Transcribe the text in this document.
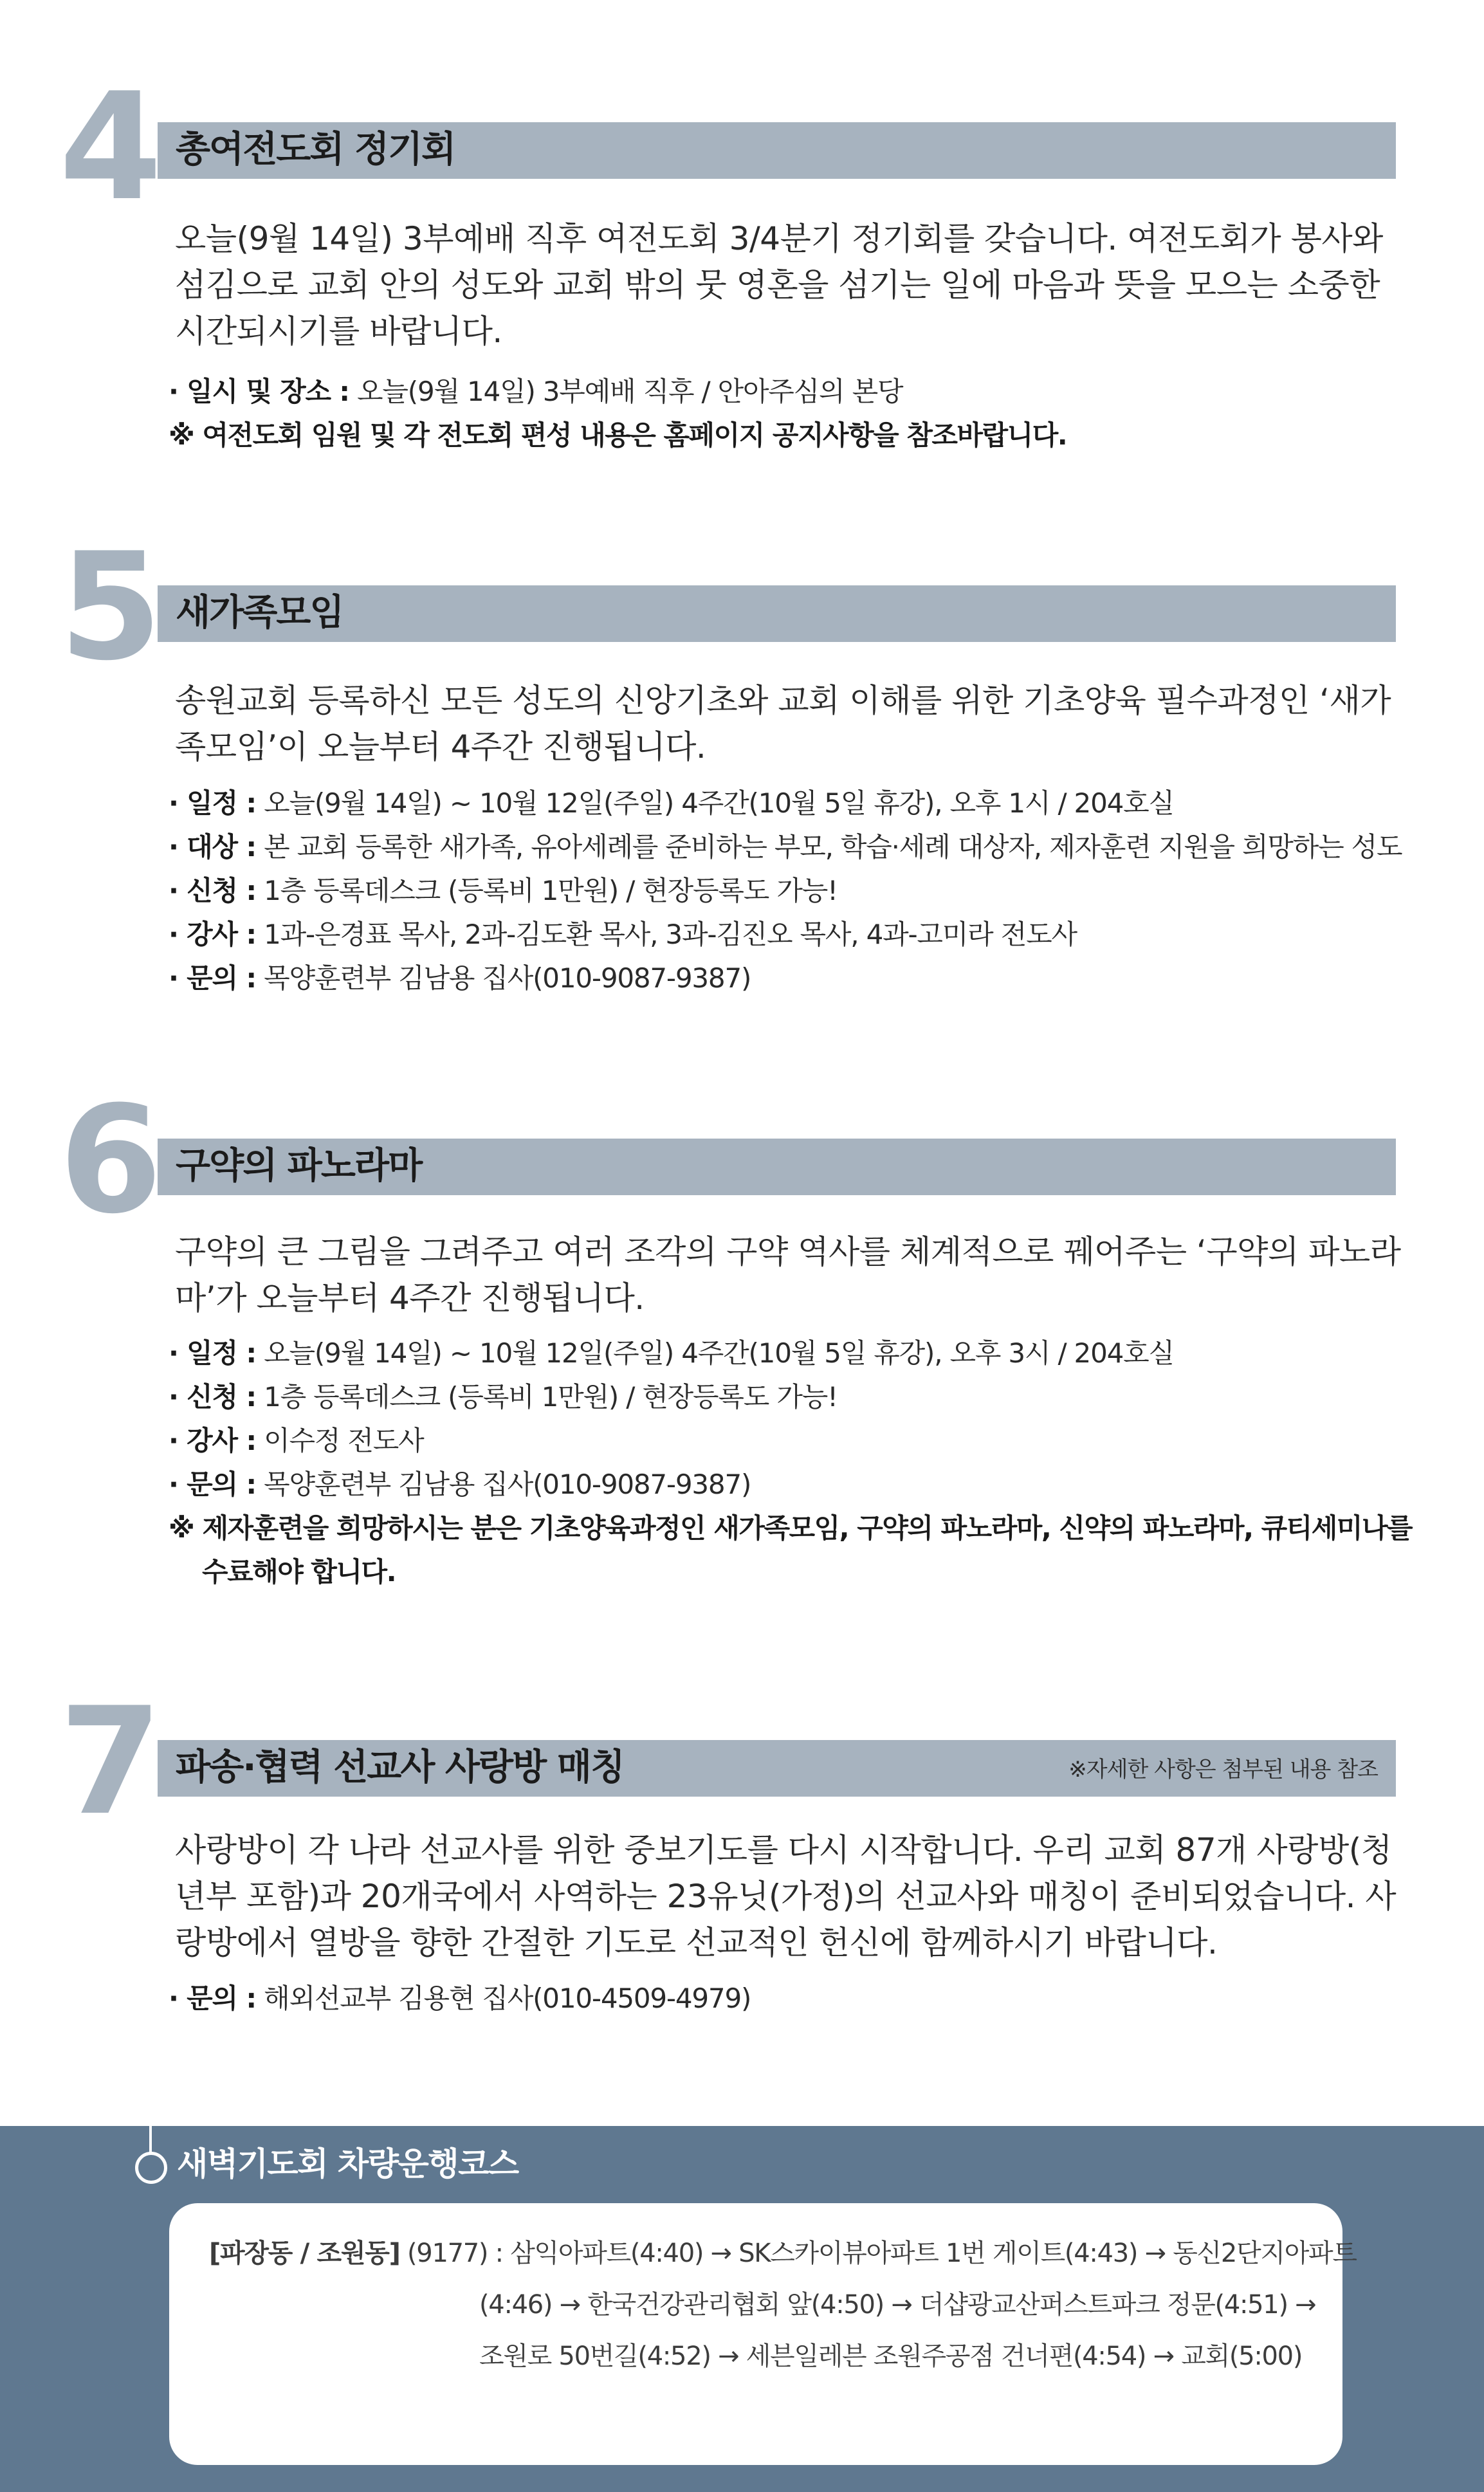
4 총여전도회 정기회
오늘(9월 14일) 3부예배 직후 여전도회 3/4분기 정기회를 갖습니다. 여전도회가 봉사와 섬김으로 교회 안의 성도와 교회 밖의 뭇 영혼을 섬기는 일에 마음과 뜻을 모으는 소중한 시간되시기를 바랍니다.
· 일시 및 장소 : 오늘(9월 14일) 3부예배 직후 / 안아주심의 본당
※ 여전도회 임원 및 각 전도회 편성 내용은 홈페이지 공지사항을 참조바랍니다.
5 새가족모임
송원교회 등록하신 모든 성도의 신앙기초와 교회 이해를 위한 기초양육 필수과정인 ‘새가족모임’이 오늘부터 4주간 진행됩니다.
· 일정 : 오늘(9월 14일) ~ 10월 12일(주일) 4주간(10월 5일 휴강), 오후 1시 / 204호실
· 대상 : 본 교회 등록한 새가족, 유아세례를 준비하는 부모, 학습·세례 대상자, 제자훈련 지원을 희망하는 성도
· 신청 : 1층 등록데스크 (등록비 1만원) / 현장등록도 가능!
· 강사 : 1과-은경표 목사, 2과-김도환 목사, 3과-김진오 목사, 4과-고미라 전도사
· 문의 : 목양훈련부 김남용 집사(010-9087-9387)
6 구약의 파노라마
구약의 큰 그림을 그려주고 여러 조각의 구약 역사를 체계적으로 꿰어주는 ‘구약의 파노라마’가 오늘부터 4주간 진행됩니다.
· 일정 : 오늘(9월 14일) ~ 10월 12일(주일) 4주간(10월 5일 휴강), 오후 3시 / 204호실
· 신청 : 1층 등록데스크 (등록비 1만원) / 현장등록도 가능!
· 강사 : 이수정 전도사
· 문의 : 목양훈련부 김남용 집사(010-9087-9387)
※ 제자훈련을 희망하시는 분은 기초양육과정인 새가족모임, 구약의 파노라마, 신약의 파노라마, 큐티세미나를
수료해야 합니다.
7 파송·협력 선교사 사랑방 매칭	※자세한 사항은 첨부된 내용 참조
사랑방이 각 나라 선교사를 위한 중보기도를 다시 시작합니다. 우리 교회 87개 사랑방(청년부 포함)과 20개국에서 사역하는 23유닛(가정)의 선교사와 매칭이 준비되었습니다. 사랑방에서 열방을 향한 간절한 기도로 선교적인 헌신에 함께하시기 바랍니다.
· 문의 : 해외선교부 김용현 집사(010-4509-4979)
새벽기도회 차량운행코스
[파장동 / 조원동] (9177) : 삼익아파트(4:40) → SK스카이뷰아파트 1번 게이트(4:43) → 동신2단지아파트
(4:46) → 한국건강관리협회 앞(4:50) → 더샵광교산퍼스트파크 정문(4:51) →
조원로 50번길(4:52) → 세븐일레븐 조원주공점 건너편(4:54) → 교회(5:00)
